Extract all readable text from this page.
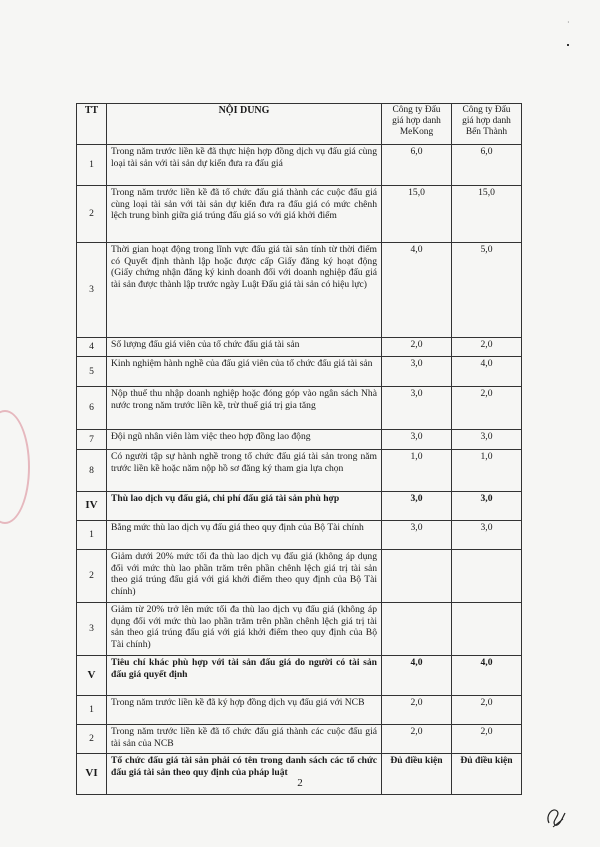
·
TT	NỘI DUNG	Công ty Đấu giá hợp danh MeKong	Công ty Đấu giá hợp danh Bến Thành
1	Trong năm trước liền kề đã thực hiện hợp đồng dịch vụ đấu giá cùng loại tài sản với tài sản dự kiến đưa ra đấu giá	6,0	6,0
2	Trong năm trước liền kề đã tổ chức đấu giá thành các cuộc đấu giá cùng loại tài sản với tài sản dự kiến đưa ra đấu giá có mức chênh lệch trung bình giữa giá trúng đấu giá so với giá khởi điểm	15,0	15,0
3	Thời gian hoạt động trong lĩnh vực đấu giá tài sản tính từ thời điểm có Quyết định thành lập hoặc được cấp Giấy đăng ký hoạt động (Giấy chứng nhận đăng ký kinh doanh đối với doanh nghiệp đấu giá tài sản được thành lập trước ngày Luật Đấu giá tài sản có hiệu lực)	4,0	5,0
4	Số lượng đấu giá viên của tổ chức đấu giá tài sản	2,0	2,0
5	Kinh nghiệm hành nghề của đấu giá viên của tổ chức đấu giá tài sản	3,0	4,0
6	Nộp thuế thu nhập doanh nghiệp hoặc đóng góp vào ngân sách Nhà nước trong năm trước liền kề, trừ thuế giá trị gia tăng	3,0	2,0
7	Đội ngũ nhân viên làm việc theo hợp đồng lao động	3,0	3,0
8	Có người tập sự hành nghề trong tổ chức đấu giá tài sản trong năm trước liền kề hoặc năm nộp hồ sơ đăng ký tham gia lựa chọn	1,0	1,0
IV	Thù lao dịch vụ đấu giá, chi phí đấu giá tài sản phù hợp	3,0	3,0
1	Bằng mức thù lao dịch vụ đấu giá theo quy định của Bộ Tài chính	3,0	3,0
2	Giảm dưới 20% mức tối đa thù lao dịch vụ đấu giá (không áp dụng đối với mức thù lao phần trăm trên phần chênh lệch giá trị tài sản theo giá trúng đấu giá với giá khởi điểm theo quy định của Bộ Tài chính)		
3	Giảm từ 20% trở lên mức tối đa thù lao dịch vụ đấu giá (không áp dụng đối với mức thù lao phần trăm trên phần chênh lệch giá trị tài sản theo giá trúng đấu giá với giá khởi điểm theo quy định của Bộ Tài chính)		
V	Tiêu chí khác phù hợp với tài sản đấu giá do người có tài sản đấu giá quyết định	4,0	4,0
1	Trong năm trước liền kề đã ký hợp đồng dịch vụ đấu giá với NCB	2,0	2,0
2	Trong năm trước liền kề đã tổ chức đấu giá thành các cuộc đấu giá tài sản của NCB	2,0	2,0
VI	Tổ chức đấu giá tài sản phải có tên trong danh sách các tổ chức đấu giá tài sản theo quy định của pháp luật	Đủ điều kiện	Đủ điều kiện
2
